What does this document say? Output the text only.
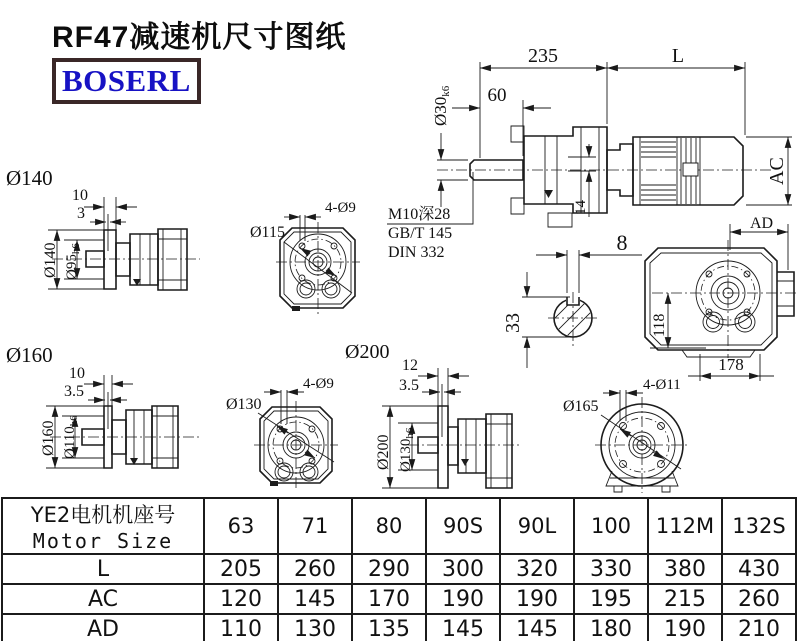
235	L
60
Ø30k6
14
AC
AD
M10深28
GB/T 145
DIN 332	8
33	118
178
Ø140
Ø140 $Ø95_{h6}$
10
3
Ø115
4-Ø9
Ø160
Ø160 $Ø110_{h6}$
10
3.5
Ø130
4-Ø9
Ø200
Ø200 $Ø130_{h6}$
12
3.5
Ø165
4-Ø11
RF47减速机尺寸图纸
BOSERL
YE2电机机座号
Motor Size	63	71	80	90S	90L	100	112M	132S
L	205	260	290	300	320	330	380	430
AC	120	145	170	190	190	195	215	260
AD	110	130	135	145	145	180	190	210
